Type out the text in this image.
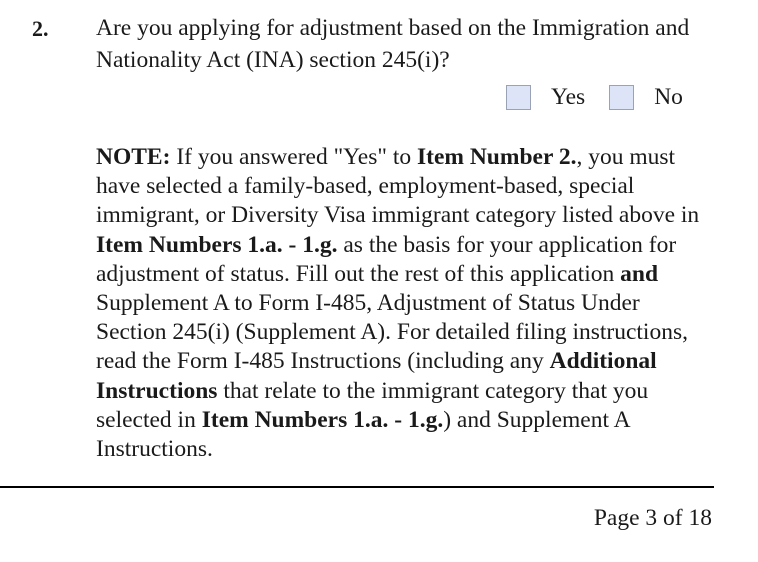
2. Are you applying for adjustment based on the Immigration and Nationality Act (INA) section 245(i)?
Yes	No
NOTE: If you answered "Yes" to Item Number 2., you must have selected a family-based, employment-based, special immigrant, or Diversity Visa immigrant category listed above in Item Numbers 1.a. - 1.g. as the basis for your application for adjustment of status. Fill out the rest of this application and Supplement A to Form I-485, Adjustment of Status Under Section 245(i) (Supplement A). For detailed filing instructions, read the Form I-485 Instructions (including any Additional Instructions that relate to the immigrant category that you selected in Item Numbers 1.a. - 1.g.) and Supplement A Instructions.
Page 3 of 18
